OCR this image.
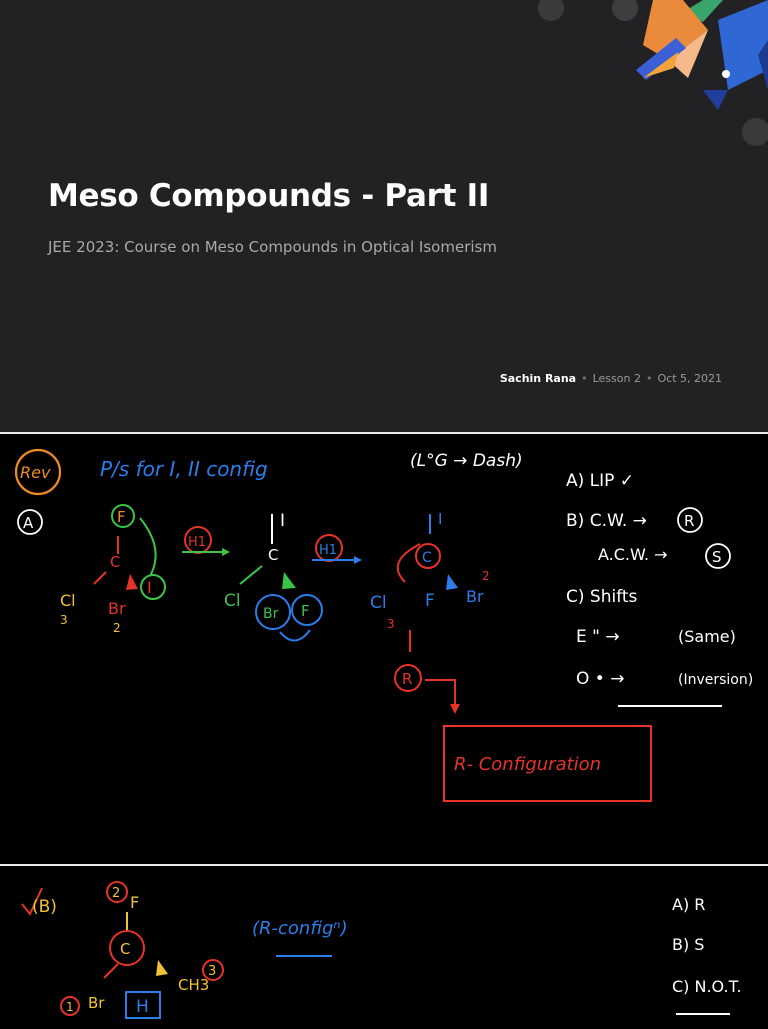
Meso Compounds - Part II
JEE 2023: Course on Meso Compounds in Optical Isomerism
Sachin Rana • Lesson 2 • Oct 5, 2021
Rev P/s for I, II config	(L°G → Dash)
A	F
C
I
Cl
3
Br
2
H1
I
C
Cl
Br F
H1
I
C
Cl
3
F Br
2
R
R- Configuration
A) LIP ✓
B) C.W. → R
A.C.W. →	S
C) Shifts
E " →	(Same)
O • →	(Inversion)
(B)
2 F
C
CH3
3
1 Br H
(R-configⁿ)
A) R
B) S
C) N.O.T.
